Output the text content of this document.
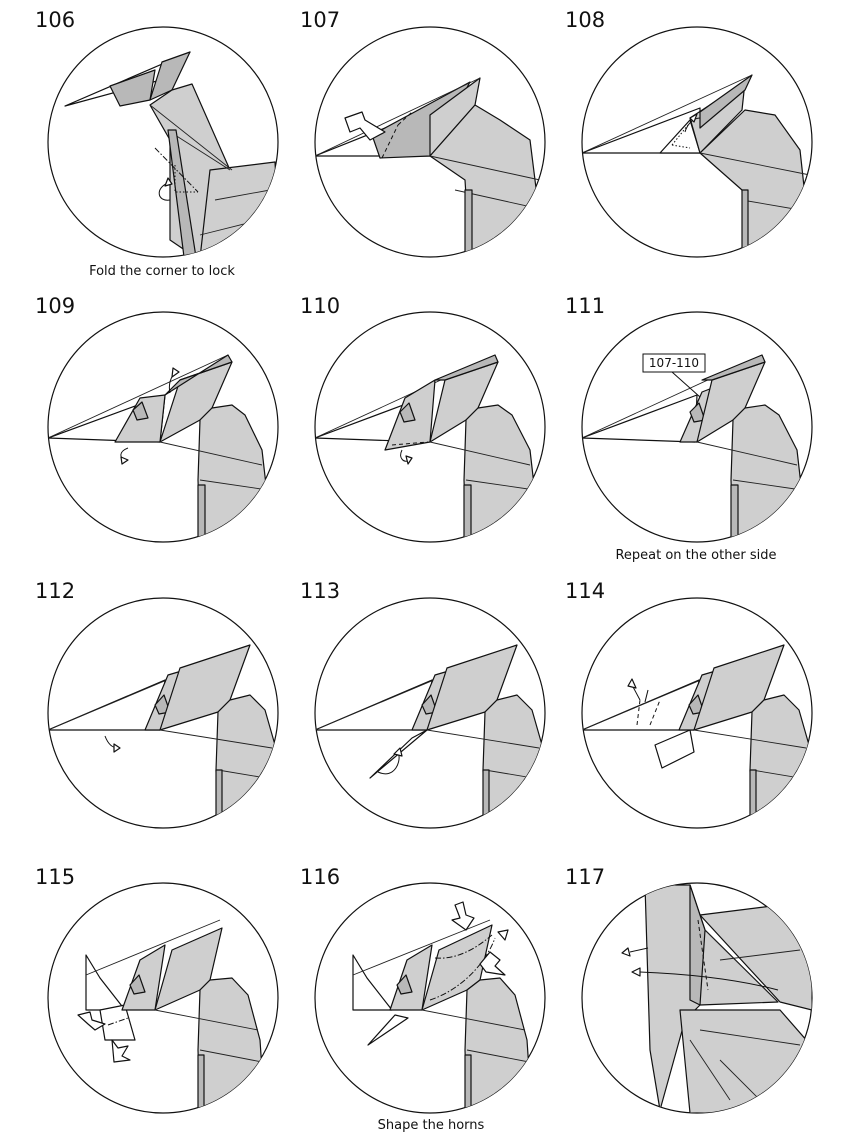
106	107	108
109	110	111
112	113	114
115	116	117
Fold the corner to lock
Repeat on the other side
Shape the horns
107-110
